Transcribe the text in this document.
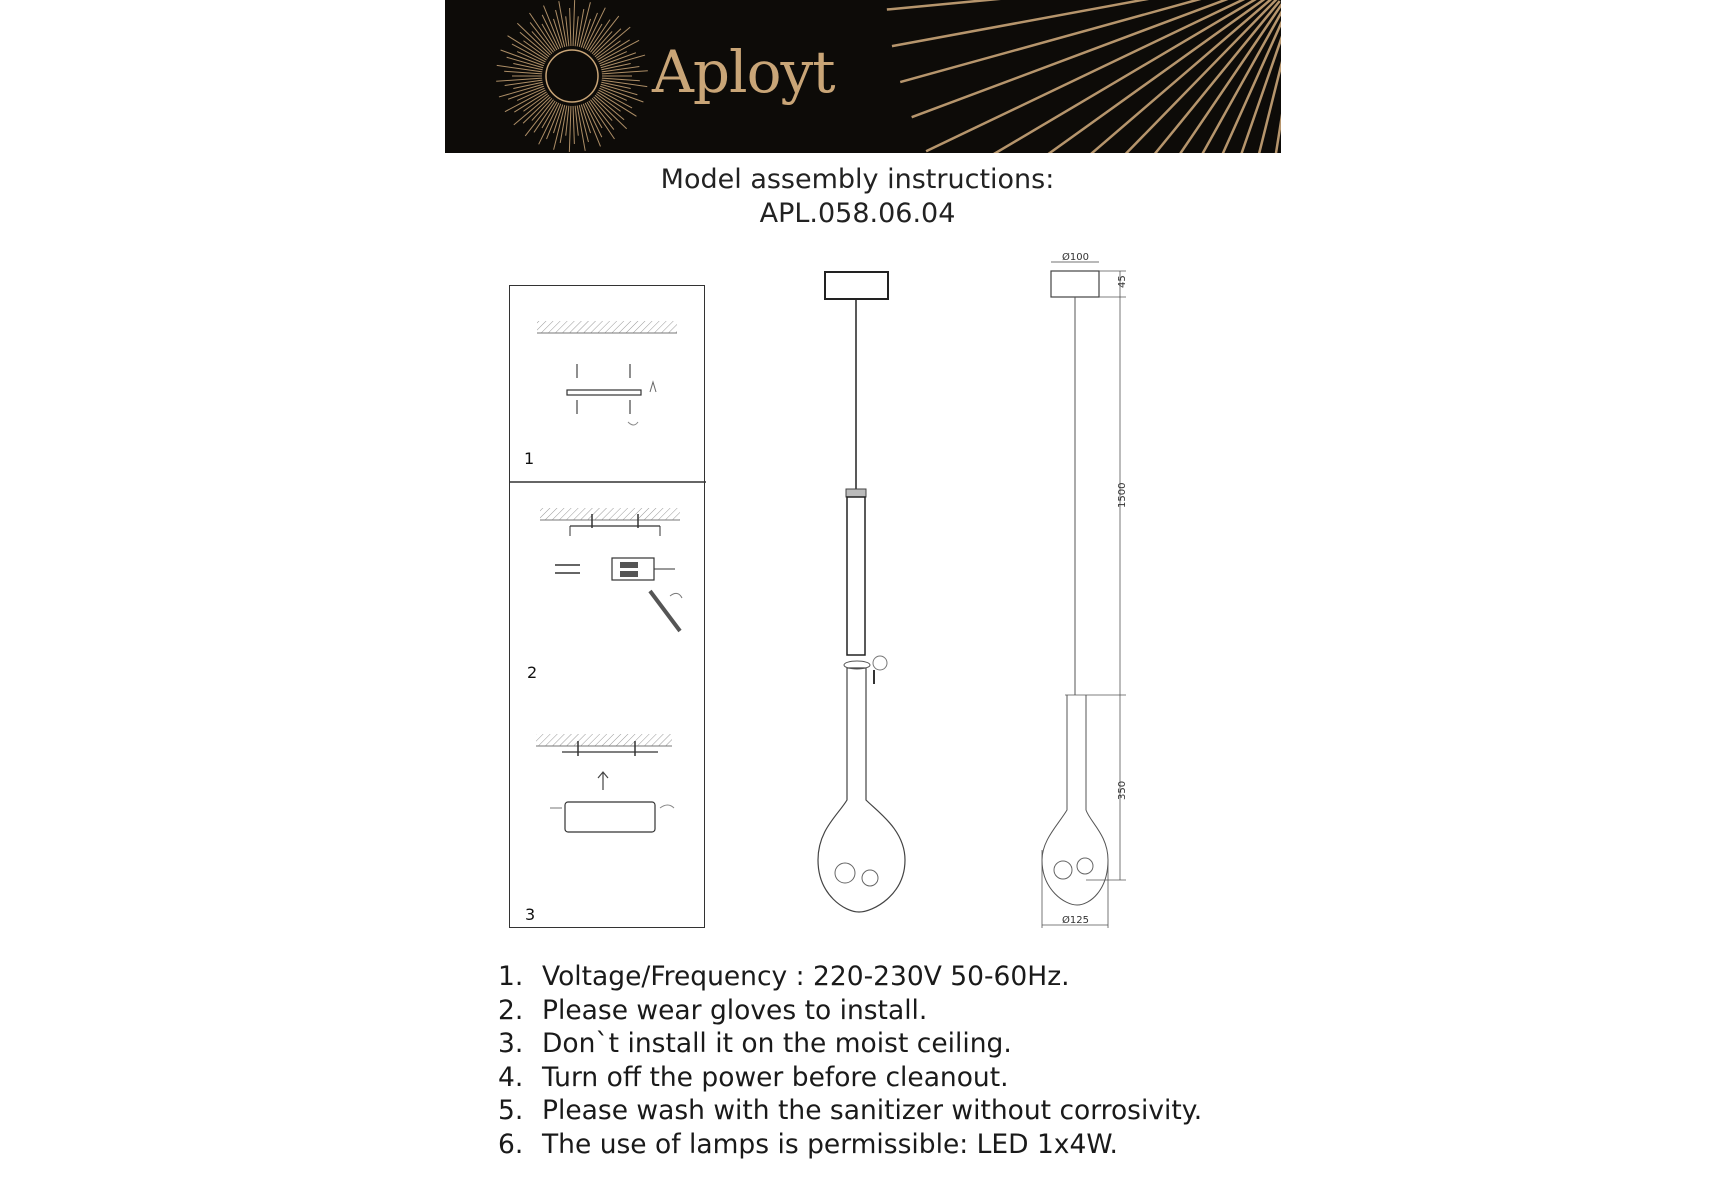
Aployt
Model assembly instructions:
APL.058.06.04
1
2
3
Ø100
45
1500
350
Ø125
1. Voltage/Frequency : 220-230V 50-60Hz.
2. Please wear gloves to install.
3. Don`t install it on the moist ceiling.
4. Turn off the power before cleanout.
5. Please wash with the sanitizer without corrosivity.
6. The use of lamps is permissible: LED 1x4W.
